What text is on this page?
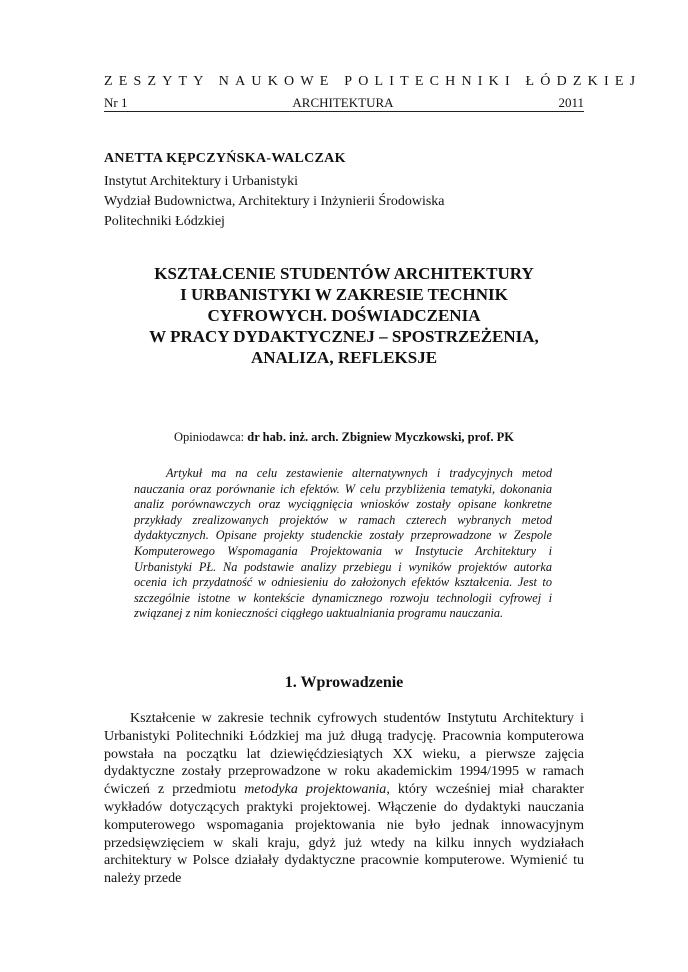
ZESZYTY NAUKOWE POLITECHNIKI ŁÓDZKIEJ
Nr 1	ARCHITEKTURA	2011
ANETTA KĘPCZYŃSKA-WALCZAK
Instytut Architektury i Urbanistyki
Wydział Budownictwa, Architektury i Inżynierii Środowiska
Politechniki Łódzkiej
KSZTAŁCENIE STUDENTÓW ARCHITEKTURY
I URBANISTYKI W ZAKRESIE TECHNIK
CYFROWYCH. DOŚWIADCZENIA
W PRACY DYDAKTYCZNEJ – SPOSTRZEŻENIA,
ANALIZA, REFLEKSJE
Opiniodawca: dr hab. inż. arch. Zbigniew Myczkowski, prof. PK
Artykuł ma na celu zestawienie alternatywnych i tradycyjnych metod nauczania oraz porównanie ich efektów. W celu przybliżenia tematyki, dokonania analiz porównawczych oraz wyciągnięcia wniosków zostały opisane konkretne przykłady zrealizowanych projektów w ramach czterech wybranych metod dydaktycznych. Opisane projekty studenckie zostały przeprowadzone w Zespole Komputerowego Wspomagania Projektowania w Instytucie Architektury i Urbanistyki PŁ. Na podstawie analizy przebiegu i wyników projektów autorka ocenia ich przydatność w odniesieniu do założonych efektów kształcenia. Jest to szczególnie istotne w kontekście dynamicznego rozwoju technologii cyfrowej i związanej z nim konieczności ciągłego uaktualniania programu nauczania.
1. Wprowadzenie
Kształcenie w zakresie technik cyfrowych studentów Instytutu Architektury i Urbanistyki Politechniki Łódzkiej ma już długą tradycję. Pracownia komputerowa powstała na początku lat dziewięćdziesiątych XX wieku, a pierwsze zajęcia dydaktyczne zostały przeprowadzone w roku akademickim 1994/1995 w ramach ćwiczeń z przedmiotu metodyka projektowania, który wcześniej miał charakter wykładów dotyczących praktyki projektowej. Włączenie do dydaktyki nauczania komputerowego wspomagania projektowania nie było jednak innowacyjnym przedsięwzięciem w skali kraju, gdyż już wtedy na kilku innych wydziałach architektury w Polsce działały dydaktyczne pracownie komputerowe. Wymienić tu należy przede
